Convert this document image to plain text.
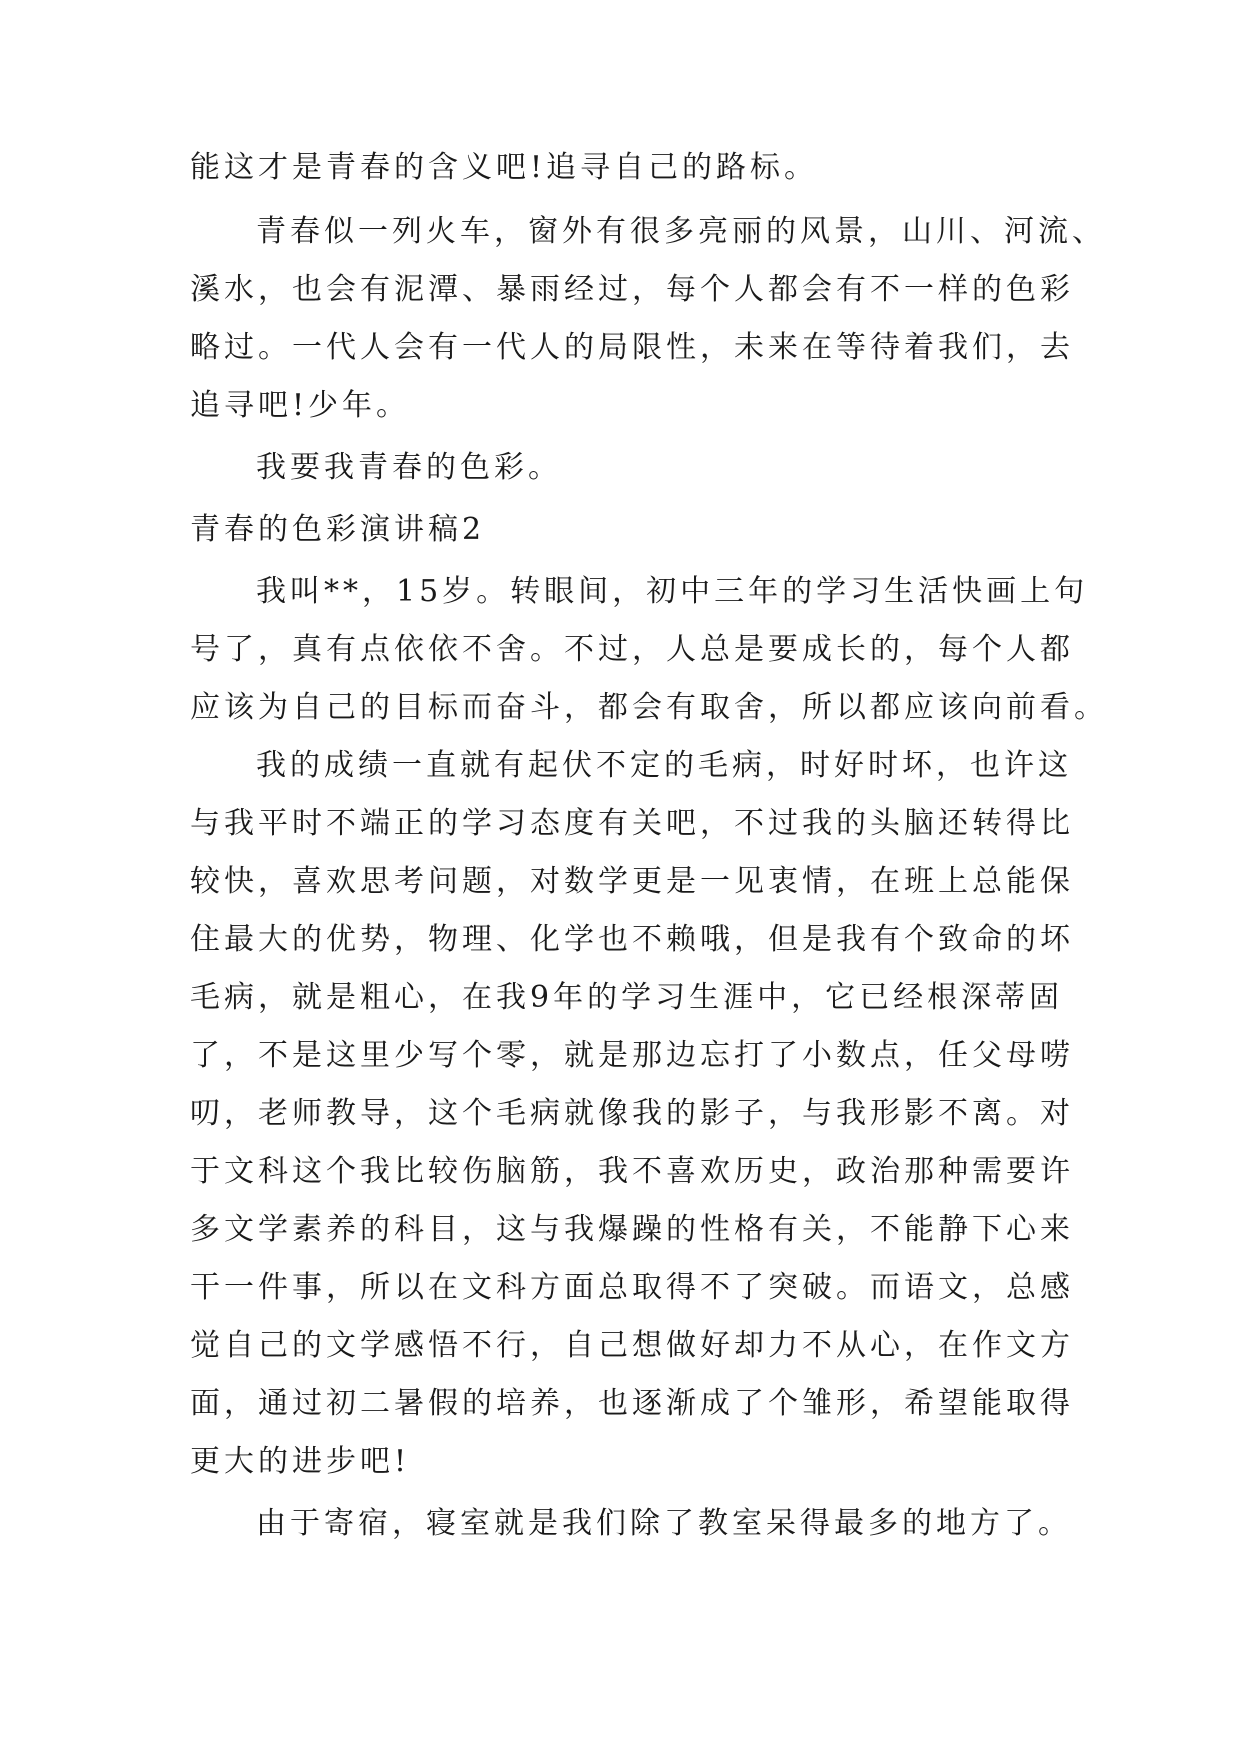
能这才是青春的含义吧!追寻自己的路标。
青春似一列火车，窗外有很多亮丽的风景，山川、河流、
溪水，也会有泥潭、暴雨经过，每个人都会有不一样的色彩
略过。一代人会有一代人的局限性，未来在等待着我们，去
追寻吧!少年。
我要我青春的色彩。
青春的色彩演讲稿2
我叫**，15岁。转眼间，初中三年的学习生活快画上句
号了，真有点依依不舍。不过，人总是要成长的，每个人都
应该为自己的目标而奋斗，都会有取舍，所以都应该向前看。
我的成绩一直就有起伏不定的毛病，时好时坏，也许这
与我平时不端正的学习态度有关吧，不过我的头脑还转得比
较快，喜欢思考问题，对数学更是一见衷情，在班上总能保
住最大的优势，物理、化学也不赖哦，但是我有个致命的坏
毛病，就是粗心，在我9年的学习生涯中，它已经根深蒂固
了，不是这里少写个零，就是那边忘打了小数点，任父母唠
叨，老师教导，这个毛病就像我的影子，与我形影不离。对
于文科这个我比较伤脑筋，我不喜欢历史，政治那种需要许
多文学素养的科目，这与我爆躁的性格有关，不能静下心来
干一件事，所以在文科方面总取得不了突破。而语文，总感
觉自己的文学感悟不行，自己想做好却力不从心，在作文方
面，通过初二暑假的培养，也逐渐成了个雏形，希望能取得
更大的进步吧!
由于寄宿，寝室就是我们除了教室呆得最多的地方了。
